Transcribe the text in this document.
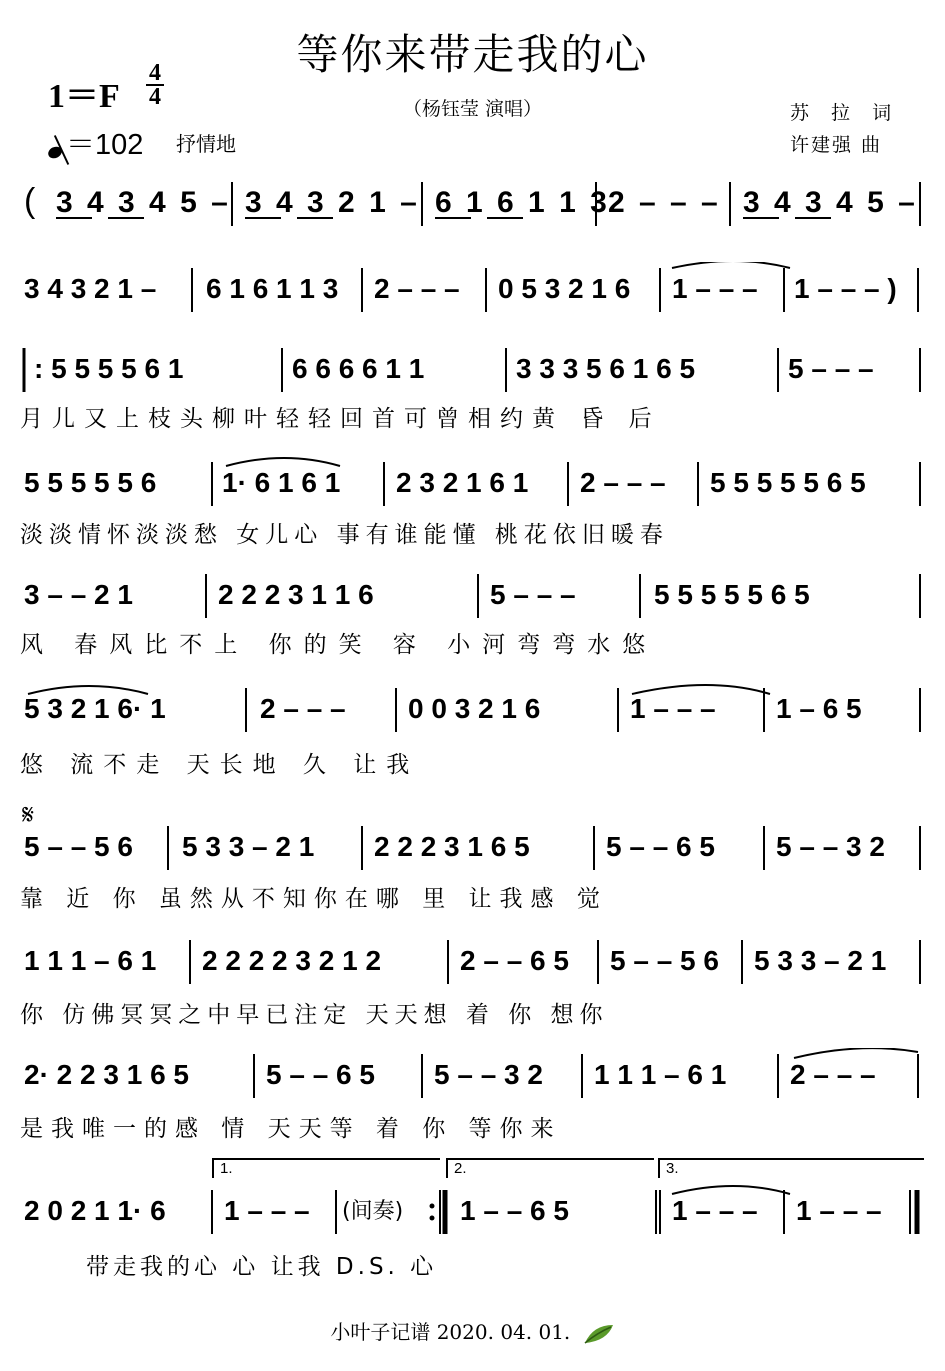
等你来带走我的心
（杨钰莹 演唱）
1＝F
4
4
＝102 抒情地
苏 拉 词
许建强 曲
( 3 4 3 4 5 – 3 4 3 2 1 – 6 1 6 1 1 3
2 – – – 3 4 3 4 5 –
3 4 3 2 1 – 6 1 6 1 1 3 2 – – – 0 5 3 2 1 6 1 – – – 1 – – – )
: 5 5 5 5 6 1	6 6 6 6 1 1	3 3 3 5 6 1 6 5	5 – – –
月儿又上枝头柳叶轻轻回首可曾相约黄 昏 后
5 5 5 5 5 6 1· 6 1 6 1 2 3 2 1 6 1 2 – – – 5 5 5 5 5 6 5
淡淡情怀淡淡愁 女儿心 事有谁能懂 桃花依旧暖春
3 – – 2 1	2 2 2 3 1 1 6	5 – – –	5 5 5 5 5 6 5
风 春风比不上 你的笑 容 小河弯弯水悠
5 3 2 1 6· 1	2 – – – 0 0 3 2 1 6	1 – – – 1 – 6 5
悠 流不走 天长地 久 让我
𝄋
5 – – 5 6 5 3 3 – 2 1 2 2 2 3 1 6 5	5 – – 6 5 5 – – 3 2
靠 近 你 虽然从不知你在哪 里 让我感 觉
1 1 1 – 6 1 2 2 2 2 3 2 1 2	2 – – 6 5 5 – – 5 6 5 3 3 – 2 1
你 仿佛冥冥之中早已注定 天天想 着 你 想你
2· 2 2 3 1 6 5	5 – – 6 5 5 – – 3 2 1 1 1 – 6 1 2 – – –
是我唯一的感 情 天天等 着 你 等你来
1.	2.	3.
2 0 2 1 1· 6 1 – – –	1 – – 6 5	1 – – – 1 – – –
(间奏)
带走我的心 心 让我 D.S. 心
小叶子记谱 2020. 04. 01.
